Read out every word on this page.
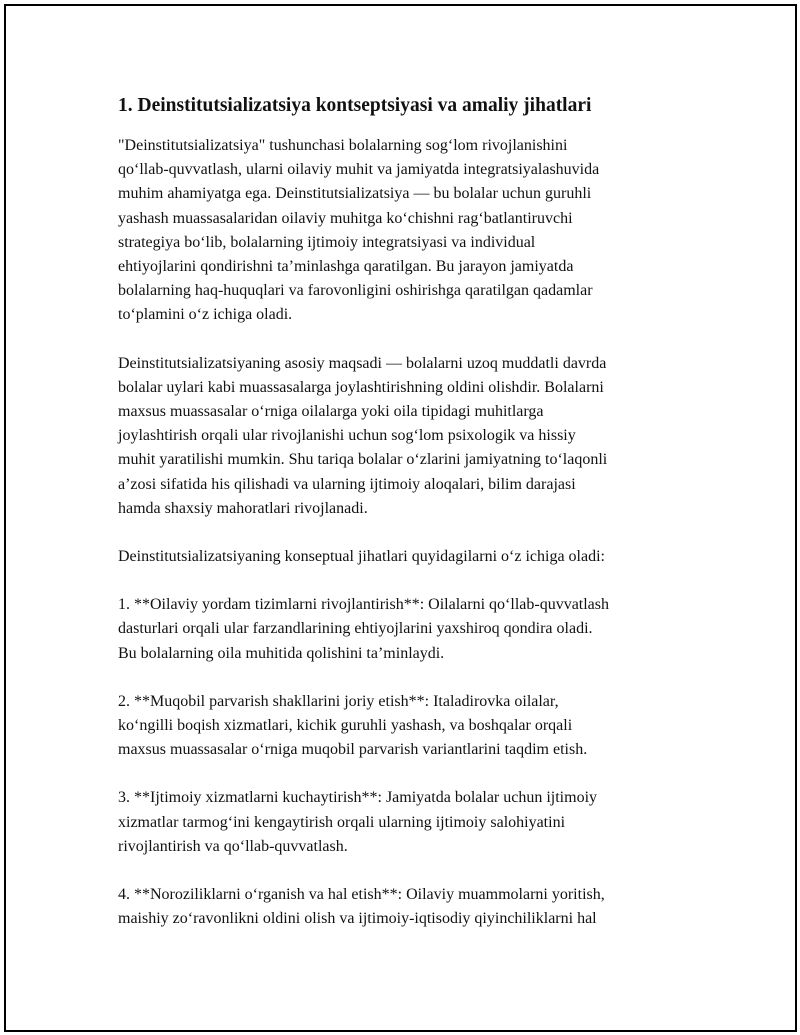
1. Deinstitutsializatsiya kontseptsiyasi va amaliy jihatlari

"Deinstitutsializatsiya" tushunchasi bolalarning sog‘lom rivojlanishini
qo‘llab-quvvatlash, ularni oilaviy muhit va jamiyatda integratsiyalashuvida
muhim ahamiyatga ega. Deinstitutsializatsiya — bu bolalar uchun guruhli
yashash muassasalaridan oilaviy muhitga ko‘chishni rag‘batlantiruvchi
strategiya bo‘lib, bolalarning ijtimoiy integratsiyasi va individual
ehtiyojlarini qondirishni ta’minlashga qaratilgan. Bu jarayon jamiyatda
bolalarning haq-huquqlari va farovonligini oshirishga qaratilgan qadamlar
to‘plamini o‘z ichiga oladi.

Deinstitutsializatsiyaning asosiy maqsadi — bolalarni uzoq muddatli davrda
bolalar uylari kabi muassasalarga joylashtirishning oldini olishdir. Bolalarni
maxsus muassasalar o‘rniga oilalarga yoki oila tipidagi muhitlarga
joylashtirish orqali ular rivojlanishi uchun sog‘lom psixologik va hissiy
muhit yaratilishi mumkin. Shu tariqa bolalar o‘zlarini jamiyatning to‘laqonli
a’zosi sifatida his qilishadi va ularning ijtimoiy aloqalari, bilim darajasi
hamda shaxsiy mahoratlari rivojlanadi.

Deinstitutsializatsiyaning konseptual jihatlari quyidagilarni o‘z ichiga oladi:

1. **Oilaviy yordam tizimlarni rivojlantirish**: Oilalarni qo‘llab-quvvatlash
dasturlari orqali ular farzandlarining ehtiyojlarini yaxshiroq qondira oladi.
Bu bolalarning oila muhitida qolishini ta’minlaydi.

2. **Muqobil parvarish shakllarini joriy etish**: Italadirovka oilalar,
ko‘ngilli boqish xizmatlari, kichik guruhli yashash, va boshqalar orqali
maxsus muassasalar o‘rniga muqobil parvarish variantlarini taqdim etish.

3. **Ijtimoiy xizmatlarni kuchaytirish**: Jamiyatda bolalar uchun ijtimoiy
xizmatlar tarmog‘ini kengaytirish orqali ularning ijtimoiy salohiyatini
rivojlantirish va qo‘llab-quvvatlash.

4. **Noroziliklarni o‘rganish va hal etish**: Oilaviy muammolarni yoritish,
maishiy zo‘ravonlikni oldini olish va ijtimoiy-iqtisodiy qiyinchiliklarni hal
